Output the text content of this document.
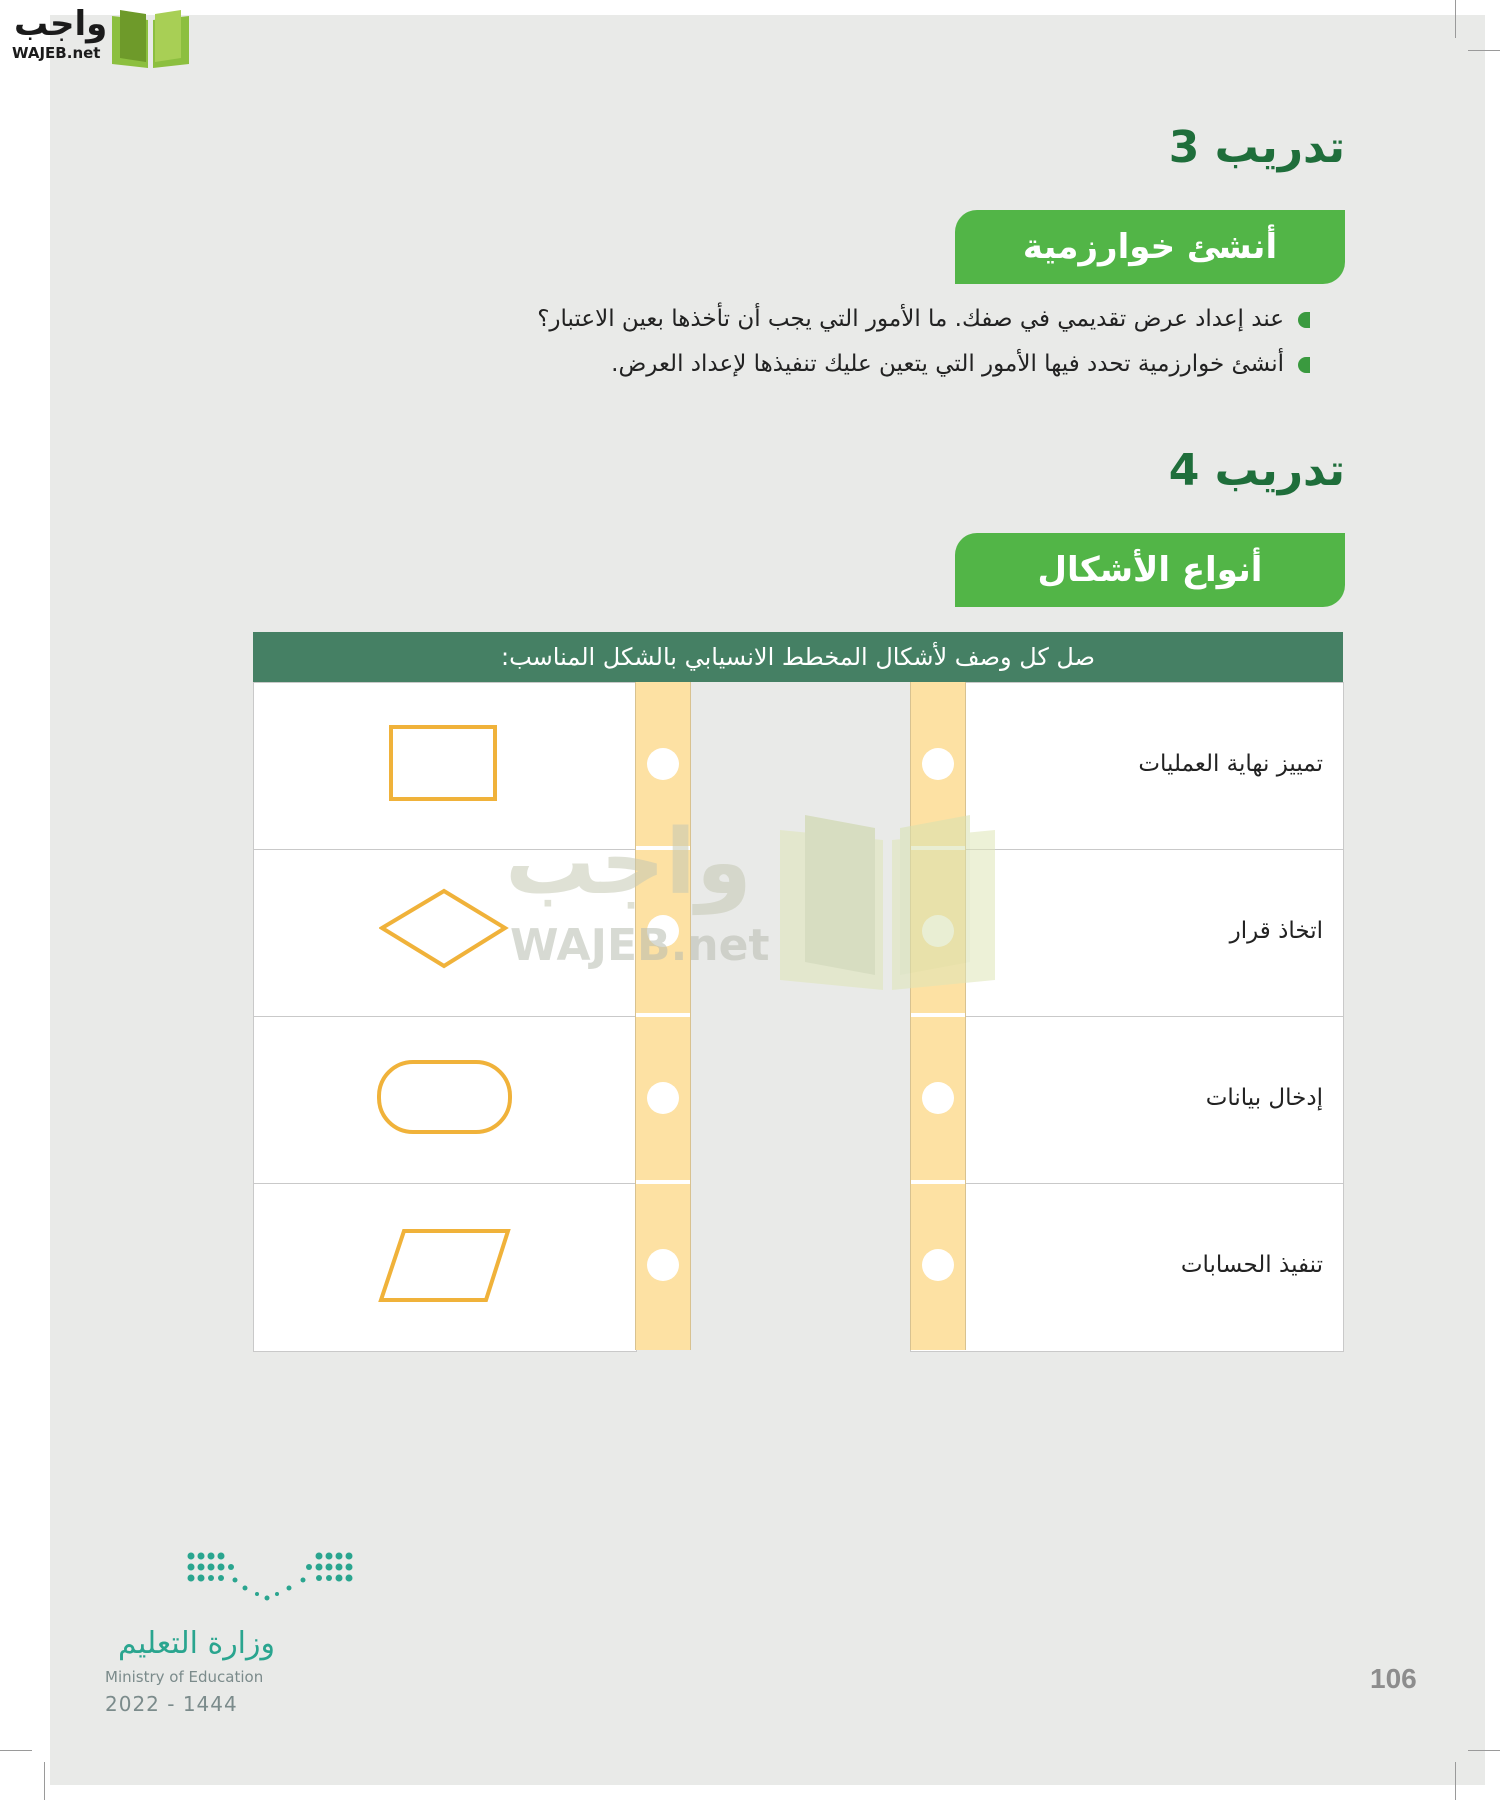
واجب
WAJEB.net
تدريب 3
أنشئ خوارزمية
عند إعداد عرض تقديمي في صفك. ما الأمور التي يجب أن تأخذها بعين الاعتبار؟
أنشئ خوارزمية تحدد فيها الأمور التي يتعين عليك تنفيذها لإعداد العرض.
تدريب 4
أنواع الأشكال
صل كل وصف لأشكال المخطط الانسيابي بالشكل المناسب:
تمييز نهاية العمليات
اتخاذ قرار
إدخال بيانات
تنفيذ الحسابات
واجب
WAJEB.net
وزارة التعليم
Ministry of Education
2022 - 1444
106
